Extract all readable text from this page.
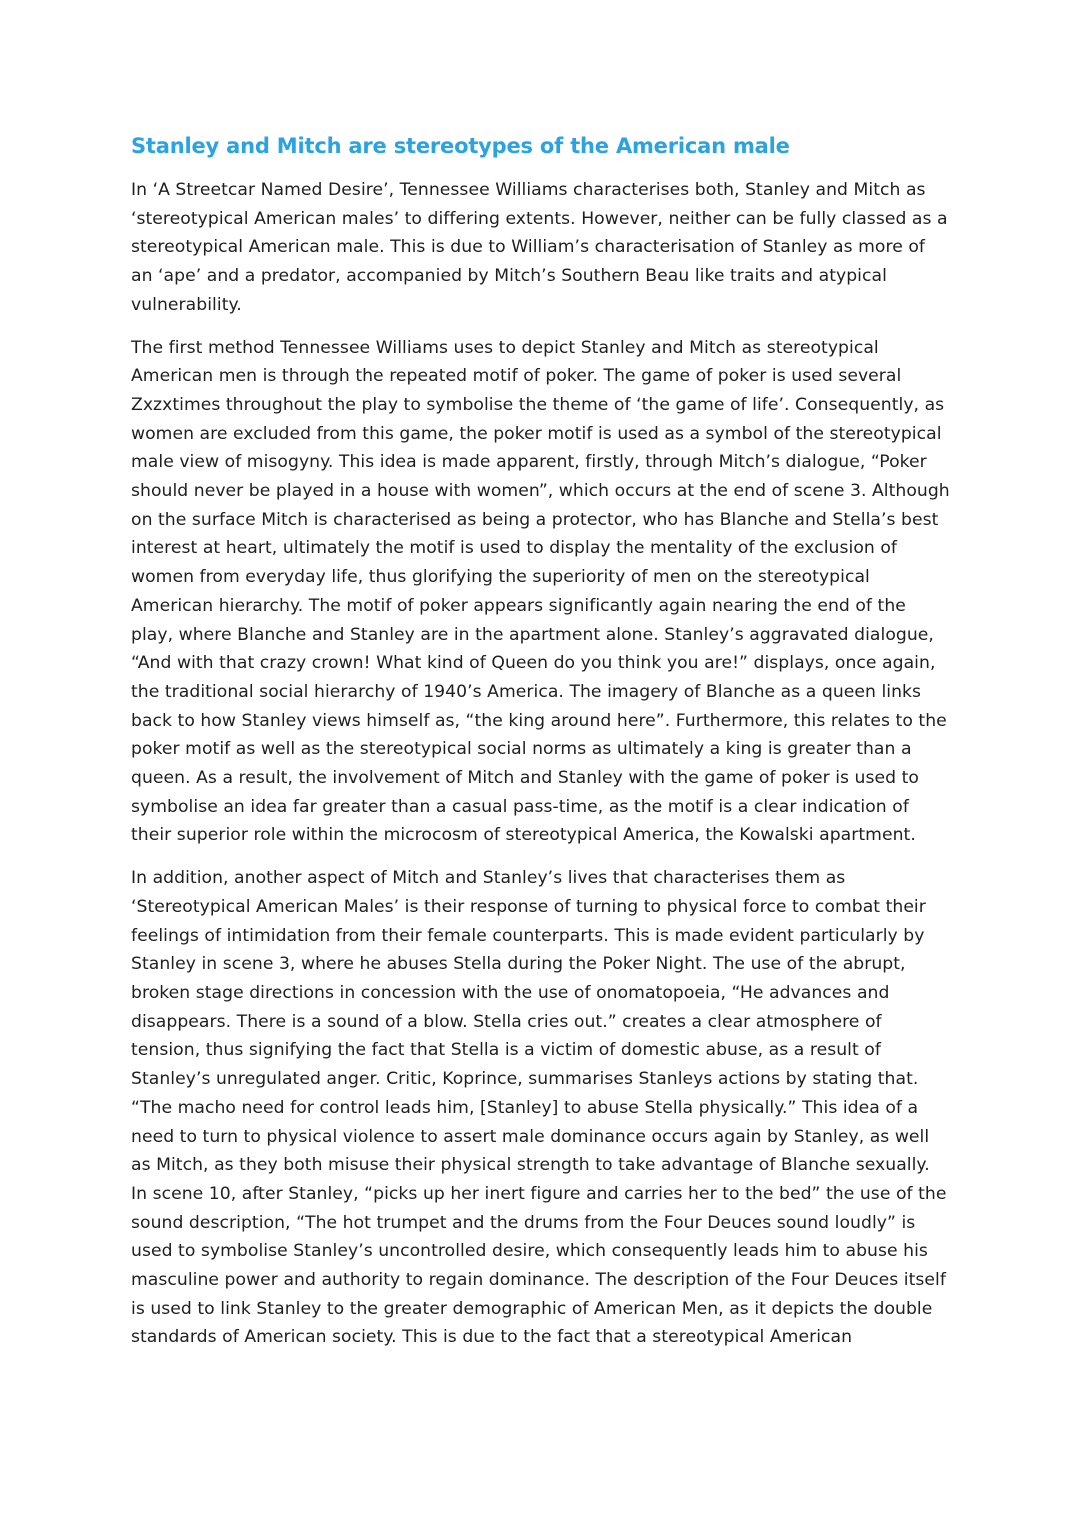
Stanley and Mitch are stereotypes of the American male

In ‘A Streetcar Named Desire’, Tennessee Williams characterises both, Stanley and Mitch as ‘stereotypical American males’ to differing extents. However, neither can be fully classed as a stereotypical American male. This is due to William’s characterisation of Stanley as more of an ‘ape’ and a predator, accompanied by Mitch’s Southern Beau like traits and atypical vulnerability.

The first method Tennessee Williams uses to depict Stanley and Mitch as stereotypical American men is through the repeated motif of poker. The game of poker is used several Zxzxtimes throughout the play to symbolise the theme of ‘the game of life’. Consequently, as women are excluded from this game, the poker motif is used as a symbol of the stereotypical male view of misogyny. This idea is made apparent, firstly, through Mitch’s dialogue, “Poker should never be played in a house with women”, which occurs at the end of scene 3. Although on the surface Mitch is characterised as being a protector, who has Blanche and Stella’s best interest at heart, ultimately the motif is used to display the mentality of the exclusion of women from everyday life, thus glorifying the superiority of men on the stereotypical American hierarchy. The motif of poker appears significantly again nearing the end of the play, where Blanche and Stanley are in the apartment alone. Stanley’s aggravated dialogue, “And with that crazy crown! What kind of Queen do you think you are!” displays, once again, the traditional social hierarchy of 1940’s America. The imagery of Blanche as a queen links back to how Stanley views himself as, “the king around here”. Furthermore, this relates to the poker motif as well as the stereotypical social norms as ultimately a king is greater than a queen. As a result, the involvement of Mitch and Stanley with the game of poker is used to symbolise an idea far greater than a casual pass-time, as the motif is a clear indication of their superior role within the microcosm of stereotypical America, the Kowalski apartment.

In addition, another aspect of Mitch and Stanley’s lives that characterises them as ‘Stereotypical American Males’ is their response of turning to physical force to combat their feelings of intimidation from their female counterparts. This is made evident particularly by Stanley in scene 3, where he abuses Stella during the Poker Night. The use of the abrupt, broken stage directions in concession with the use of onomatopoeia, “He advances and disappears. There is a sound of a blow. Stella cries out.” creates a clear atmosphere of tension, thus signifying the fact that Stella is a victim of domestic abuse, as a result of Stanley’s unregulated anger. Critic, Koprince, summarises Stanleys actions by stating that. “The macho need for control leads him, [Stanley] to abuse Stella physically.” This idea of a need to turn to physical violence to assert male dominance occurs again by Stanley, as well as Mitch, as they both misuse their physical strength to take advantage of Blanche sexually. In scene 10, after Stanley, “picks up her inert figure and carries her to the bed” the use of the sound description, “The hot trumpet and the drums from the Four Deuces sound loudly” is used to symbolise Stanley’s uncontrolled desire, which consequently leads him to abuse his masculine power and authority to regain dominance. The description of the Four Deuces itself is used to link Stanley to the greater demographic of American Men, as it depicts the double standards of American society. This is due to the fact that a stereotypical American
